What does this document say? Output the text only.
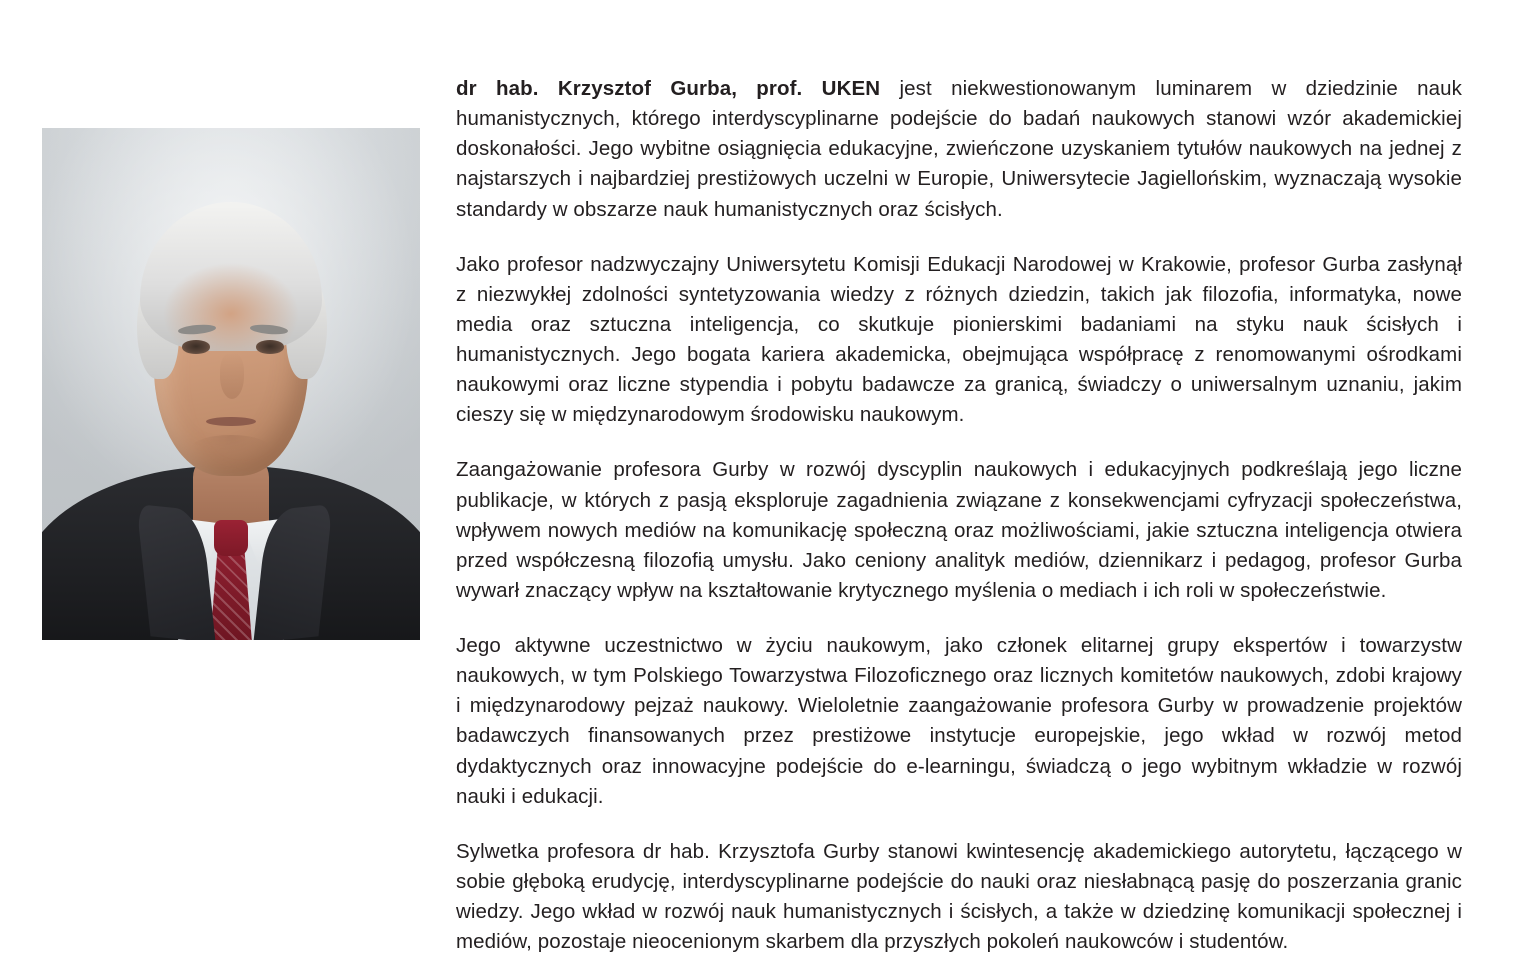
dr hab. Krzysztof Gurba, prof. UKEN jest niekwestionowanym luminarem w dziedzinie nauk humanistycznych, którego interdyscyplinarne podejście do badań naukowych stanowi wzór akademickiej doskonałości. Jego wybitne osiągnięcia edukacyjne, zwieńczone uzyskaniem tytułów naukowych na jednej z najstarszych i najbardziej prestiżowych uczelni w Europie, Uniwersytecie Jagiellońskim, wyznaczają wysokie standardy w obszarze nauk humanistycznych oraz ścisłych.

Jako profesor nadzwyczajny Uniwersytetu Komisji Edukacji Narodowej w Krakowie, profesor Gurba zasłynął z niezwykłej zdolności syntetyzowania wiedzy z różnych dziedzin, takich jak filozofia, informatyka, nowe media oraz sztuczna inteligencja, co skutkuje pionierskimi badaniami na styku nauk ścisłych i humanistycznych. Jego bogata kariera akademicka, obejmująca współpracę z renomowanymi ośrodkami naukowymi oraz liczne stypendia i pobytu badawcze za granicą, świadczy o uniwersalnym uznaniu, jakim cieszy się w międzynarodowym środowisku naukowym.

Zaangażowanie profesora Gurby w rozwój dyscyplin naukowych i edukacyjnych podkreślają jego liczne publikacje, w których z pasją eksploruje zagadnienia związane z konsekwencjami cyfryzacji społeczeństwa, wpływem nowych mediów na komunikację społeczną oraz możliwościami, jakie sztuczna inteligencja otwiera przed współczesną filozofią umysłu. Jako ceniony analityk mediów, dziennikarz i pedagog, profesor Gurba wywarł znaczący wpływ na kształtowanie krytycznego myślenia o mediach i ich roli w społeczeństwie.

Jego aktywne uczestnictwo w życiu naukowym, jako członek elitarnej grupy ekspertów i towarzystw naukowych, w tym Polskiego Towarzystwa Filozoficznego oraz licznych komitetów naukowych, zdobi krajowy i międzynarodowy pejzaż naukowy. Wieloletnie zaangażowanie profesora Gurby w prowadzenie projektów badawczych finansowanych przez prestiżowe instytucje europejskie, jego wkład w rozwój metod dydaktycznych oraz innowacyjne podejście do e-learningu, świadczą o jego wybitnym wkładzie w rozwój nauki i edukacji.

Sylwetka profesora dr hab. Krzysztofa Gurby stanowi kwintesencję akademickiego autorytetu, łączącego w sobie głęboką erudycję, interdyscyplinarne podejście do nauki oraz niesłabnącą pasję do poszerzania granic wiedzy. Jego wkład w rozwój nauk humanistycznych i ścisłych, a także w dziedzinę komunikacji społecznej i mediów, pozostaje nieocenionym skarbem dla przyszłych pokoleń naukowców i studentów.
